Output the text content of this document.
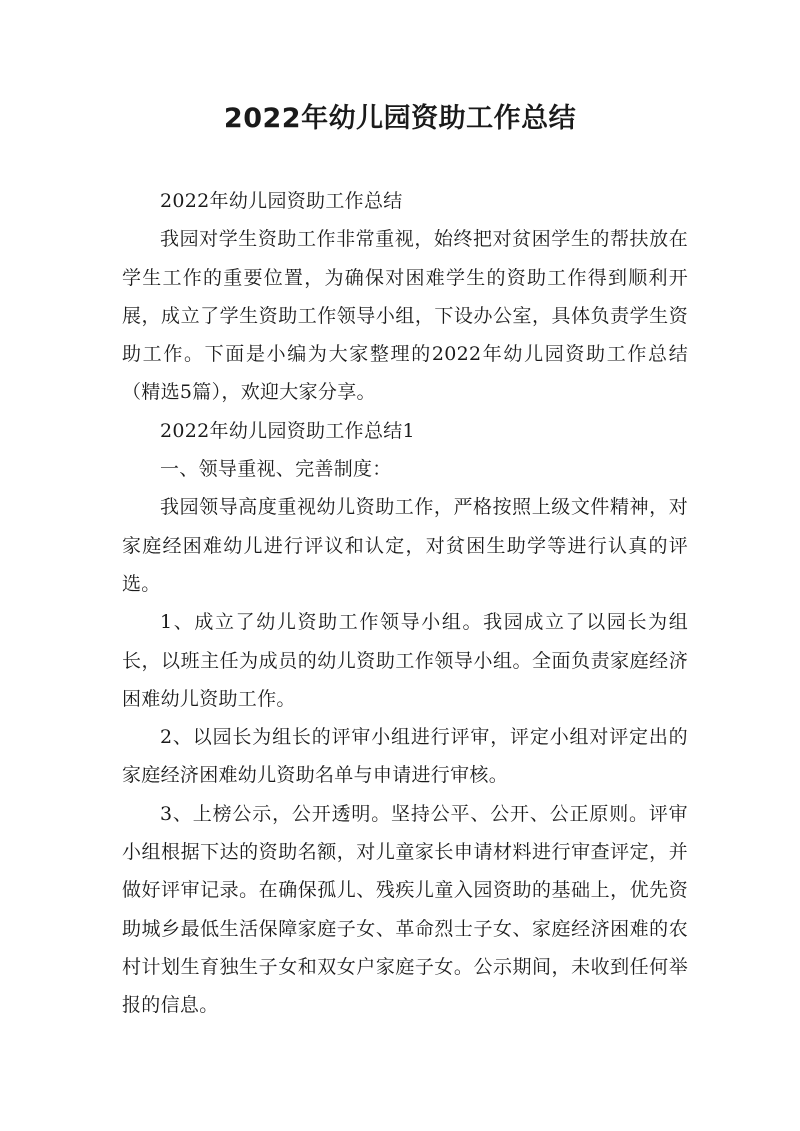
2022年幼儿园资助工作总结

2022年幼儿园资助工作总结

我园对学生资助工作非常重视，始终把对贫困学生的帮扶放在学生工作的重要位置，为确保对困难学生的资助工作得到顺利开展，成立了学生资助工作领导小组，下设办公室，具体负责学生资助工作。下面是小编为大家整理的2022年幼儿园资助工作总结（精选5篇），欢迎大家分享。

2022年幼儿园资助工作总结1

一、领导重视、完善制度：

我园领导高度重视幼儿资助工作，严格按照上级文件精神，对家庭经困难幼儿进行评议和认定，对贫困生助学等进行认真的评选。

1、成立了幼儿资助工作领导小组。我园成立了以园长为组长，以班主任为成员的幼儿资助工作领导小组。全面负责家庭经济困难幼儿资助工作。

2、以园长为组长的评审小组进行评审，评定小组对评定出的家庭经济困难幼儿资助名单与申请进行审核。

3、上榜公示，公开透明。坚持公平、公开、公正原则。评审小组根据下达的资助名额，对儿童家长申请材料进行审查评定，并做好评审记录。在确保孤儿、残疾儿童入园资助的基础上，优先资助城乡最低生活保障家庭子女、革命烈士子女、家庭经济困难的农村计划生育独生子女和双女户家庭子女。公示期间，未收到任何举报的信息。
